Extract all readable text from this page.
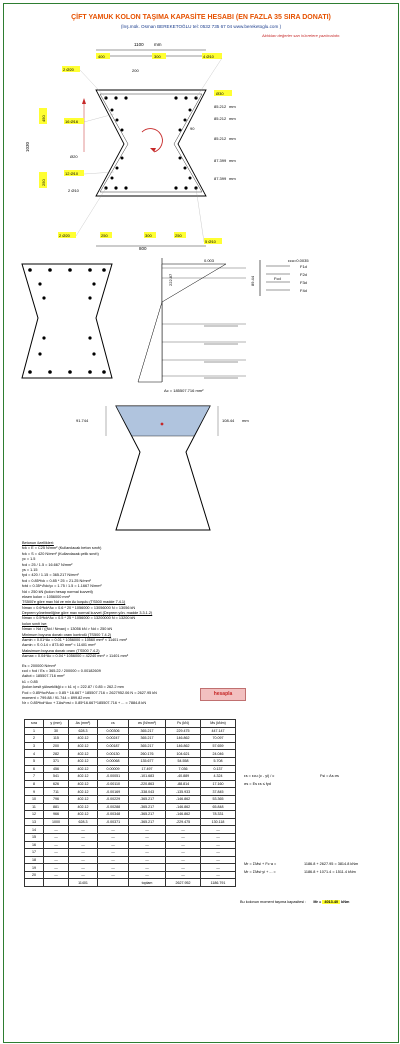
ÇİFT YAMUK KOLON TAŞIMA KAPASİTE HESABI (EN FAZLA 35 SIRA DONATI)
(İnş.mük. Osman BEREKETOĞLU tel: 0532 735 67 04 www.bereketoglu.com )
Aldıkları değerler sarı hücrelere yazılmalıdır.
1100 mm
400	300	4 Ø10
2 Ø20	200
Ø30
450	16 Ø16
1030
Ø20
250
12 Ø10
90
85.212 mm
85.212 mm
85.212 mm
87.399 mm
87.399 mm
2 Ø10
2 Ø20	250	300	250
5 Ø10
800
0.003
222.87	89.44
εcu=0.0035
F1d
F2d
F3d
F4d
Fcd
Ac = 185507.716 mm²
91.744	108.44 mm
Betonun özellikleri:
fck = E = C25 N/mm² (Kullanılacak beton sınıfı)
fck = S = 420 N/mm² (Kullanılacak çelik sınıfı)
γc = 1.5
fcd = 25 / 1.5 = 16.667 N/mm²
γs = 1.15
fyd = 420 / 1.15 = 365.217 N/mm²
fcd = 0.85*fck = 0.85 * 25 = 21.25 N/mm²
fctd = 0.35*√fck/γc = 1.75 / 1.5 = 1.1667 N/mm²
Nd = 250 kN (kolon hesap normal kuvveti)
eksen kolon = 1056000 mm²
TS500'e göre max Nd ve min Ac koşulu (TS500 madde 7.4.1)
Nmax = 0.6*fck*Ac = 0.6 * 20 * 1056000 = 13056000 N = 13056 kN
Deprem yönetmeliğine göre max normal kuvvet (Deprem yön. madde 3.3.1.2)
Nmax = 0.5*fck*Ac = 0.5 * 25 * 1056000 = 13200000 N = 13200 kN
kolon sınıfı ise:
Nmax = Nd / ((Nd / Nmax) = 13056 kN > Nd = 250 kN
Minimum boyuna donatı oranı kontrolü (TS500 7.4.2)
Asmin = 0.01*Ac = 0.01 * 1056000 = 10560 mm² < 11401 mm²
Asmin = S 0.14 = 873.60 mm² < 11401 mm²
Maksimum boyuna donatı oranı (TS500 7.4.2)
Asmax = 0.04*Ac = 0.04 * 1056000 = 42240 mm² > 11401 mm²
Es = 200000 N/mm²
εcd = fcd / Es = 365.22 / 200000 = 0.00182609
Asitot = 185507.716 mm²
k1 = 0.85
(kolon kesit yükseklikği c = k1 x) = 222.87 / 0.85 = 262.2 mm
Fcd = 0.85*fcd*Acc = 0.85 * 16.667 * 185507.716 = 2627952.06 N = 2627.95 kN
moment = 799.88 / 91.744 = 899.82 mm
Nr = 0.85*fcd*Acc + ΣAsi*σsi = 0.85*16.667*185507.716 + ... = 7884.8 kN
hesapla
sıra	y (mm)	As (mm²)	εs	σs (N/mm²)	Fs (kN)	Ms (kNm)
1	30	628.3	0.00306	365.217	229.475	447.147
2	115	402.12	0.00247	365.217	146.862	70.097
3	200	402.12	0.00187	365.217	146.862	57.659
4	282	402.12	0.00130	260.176	104.621	24.046
5	371	402.12	0.00068	135.677	54.558	5.708
6	456	402.12	0.00009	17.497	7.036	0.137
7	541	402.12	-0.00051	-101.683	-40.889	4.324
8	626	402.12	-0.00110	-220.863	-88.814	17.160
9	711	402.12	-0.00169	-338.043	-135.933	37.845
10	796	402.12	-0.00229	-365.217	-146.862	53.365
11	881	402.12	-0.00288	-365.217	-146.862	65.848
12	966	402.12	-0.00348	-365.217	-146.862	78.331
13	1000	628.3	-0.00371	-365.217	-229.475	130.118
14	—	—	—	—	—	—
15	—	—	—	—	—	—
16	—	—	—	—	—	—
17	—	—	—	—	—	—
18	—	—	—	—	—	—
19	—	—	—	—	—	—
20	—	—	—	—	—	—
		11401		toplam	2627.952	1186.791
εs = εcu (c - yi) / c
σs = Es εs ≤ fyd
Fsi = As σs
Mr = ΣMsi + Fc·a =	1186.8 + 2627.95 = 3814.8 kNm
Mr = ΣMsi·yi + ... =	1186.8 + 1071.4 = 1511.4 kNm
Bu kolonun moment taşıma kapasitesi : Mr = 4013.40 kNm
